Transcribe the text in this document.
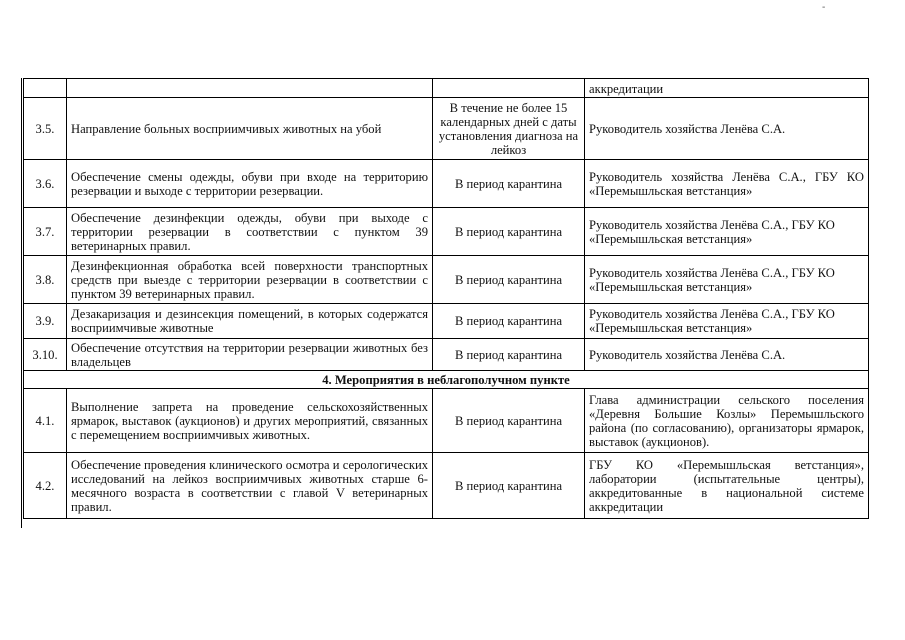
-
			аккредитации
3.5.	Направление больных восприимчивых животных на убой	В течение не более 15 календарных дней с даты установления диагноза на лейкоз	Руководитель хозяйства Ленёва С.А.
3.6.	Обеспечение смены одежды, обуви при входе на территорию резервации и выходе с территории резервации.	В период карантина	Руководитель хозяйства Ленёва С.А., ГБУ КО «Перемышльская ветстанция»
3.7.	Обеспечение дезинфекции одежды, обуви при выходе с территории резервации в соответствии с пунктом 39 ветеринарных правил.	В период карантина	Руководитель хозяйства Ленёва С.А., ГБУ КО «Перемышльская ветстанция»
3.8.	Дезинфекционная обработка всей поверхности транспортных средств при выезде с территории резервации в соответствии с пунктом 39 ветеринарных правил.	В период карантина	Руководитель хозяйства Ленёва С.А., ГБУ КО «Перемышльская ветстанция»
3.9.	Дезакаризация и дезинсекция помещений, в которых содержатся восприимчивые животные	В период карантина	Руководитель хозяйства Ленёва С.А., ГБУ КО «Перемышльская ветстанция»
3.10.	Обеспечение отсутствия на территории резервации животных без владельцев	В период карантина	Руководитель хозяйства Ленёва С.А.
4. Мероприятия в неблагополучном пункте			
4.1.	Выполнение запрета на проведение сельскохозяйственных ярмарок, выставок (аукционов) и других мероприятий, связанных с перемещением восприимчивых животных.	В период карантина	Глава администрации сельского поселения «Деревня Большие Козлы» Перемышльского района (по согласованию), организаторы ярмарок, выставок (аукционов).
4.2.	Обеспечение проведения клинического осмотра и серологических исследований на лейкоз восприимчивых животных старше 6-месячного возраста в соответствии с главой V ветеринарных правил.	В период карантина	ГБУ КО «Перемышльская ветстанция», лаборатории (испытательные центры), аккредитованные в национальной системе аккредитации
